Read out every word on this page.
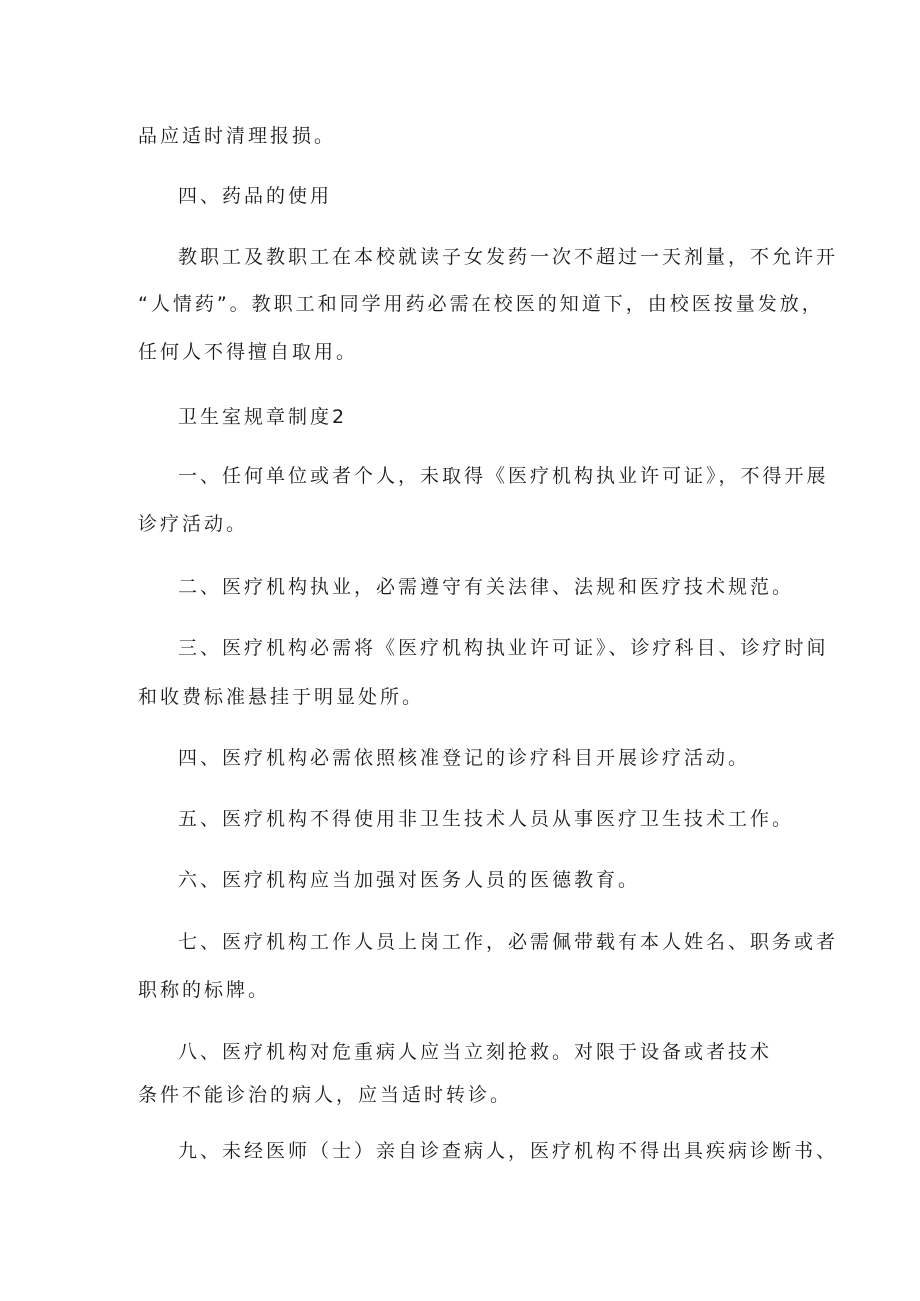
品应适时清理报损。
四、药品的使用
教职工及教职工在本校就读子女发药一次不超过一天剂量，不允许开
“人情药”。教职工和同学用药必需在校医的知道下，由校医按量发放，
任何人不得擅自取用。
卫生室规章制度2
一、任何单位或者个人，未取得《医疗机构执业许可证》，不得开展
诊疗活动。
二、医疗机构执业，必需遵守有关法律、法规和医疗技术规范。
三、医疗机构必需将《医疗机构执业许可证》、诊疗科目、诊疗时间
和收费标准悬挂于明显处所。
四、医疗机构必需依照核准登记的诊疗科目开展诊疗活动。
五、医疗机构不得使用非卫生技术人员从事医疗卫生技术工作。
六、医疗机构应当加强对医务人员的医德教育。
七、医疗机构工作人员上岗工作，必需佩带载有本人姓名、职务或者
职称的标牌。
八、医疗机构对危重病人应当立刻抢救。对限于设备或者技术
条件不能诊治的病人，应当适时转诊。
九、未经医师（士）亲自诊查病人，医疗机构不得出具疾病诊断书、
